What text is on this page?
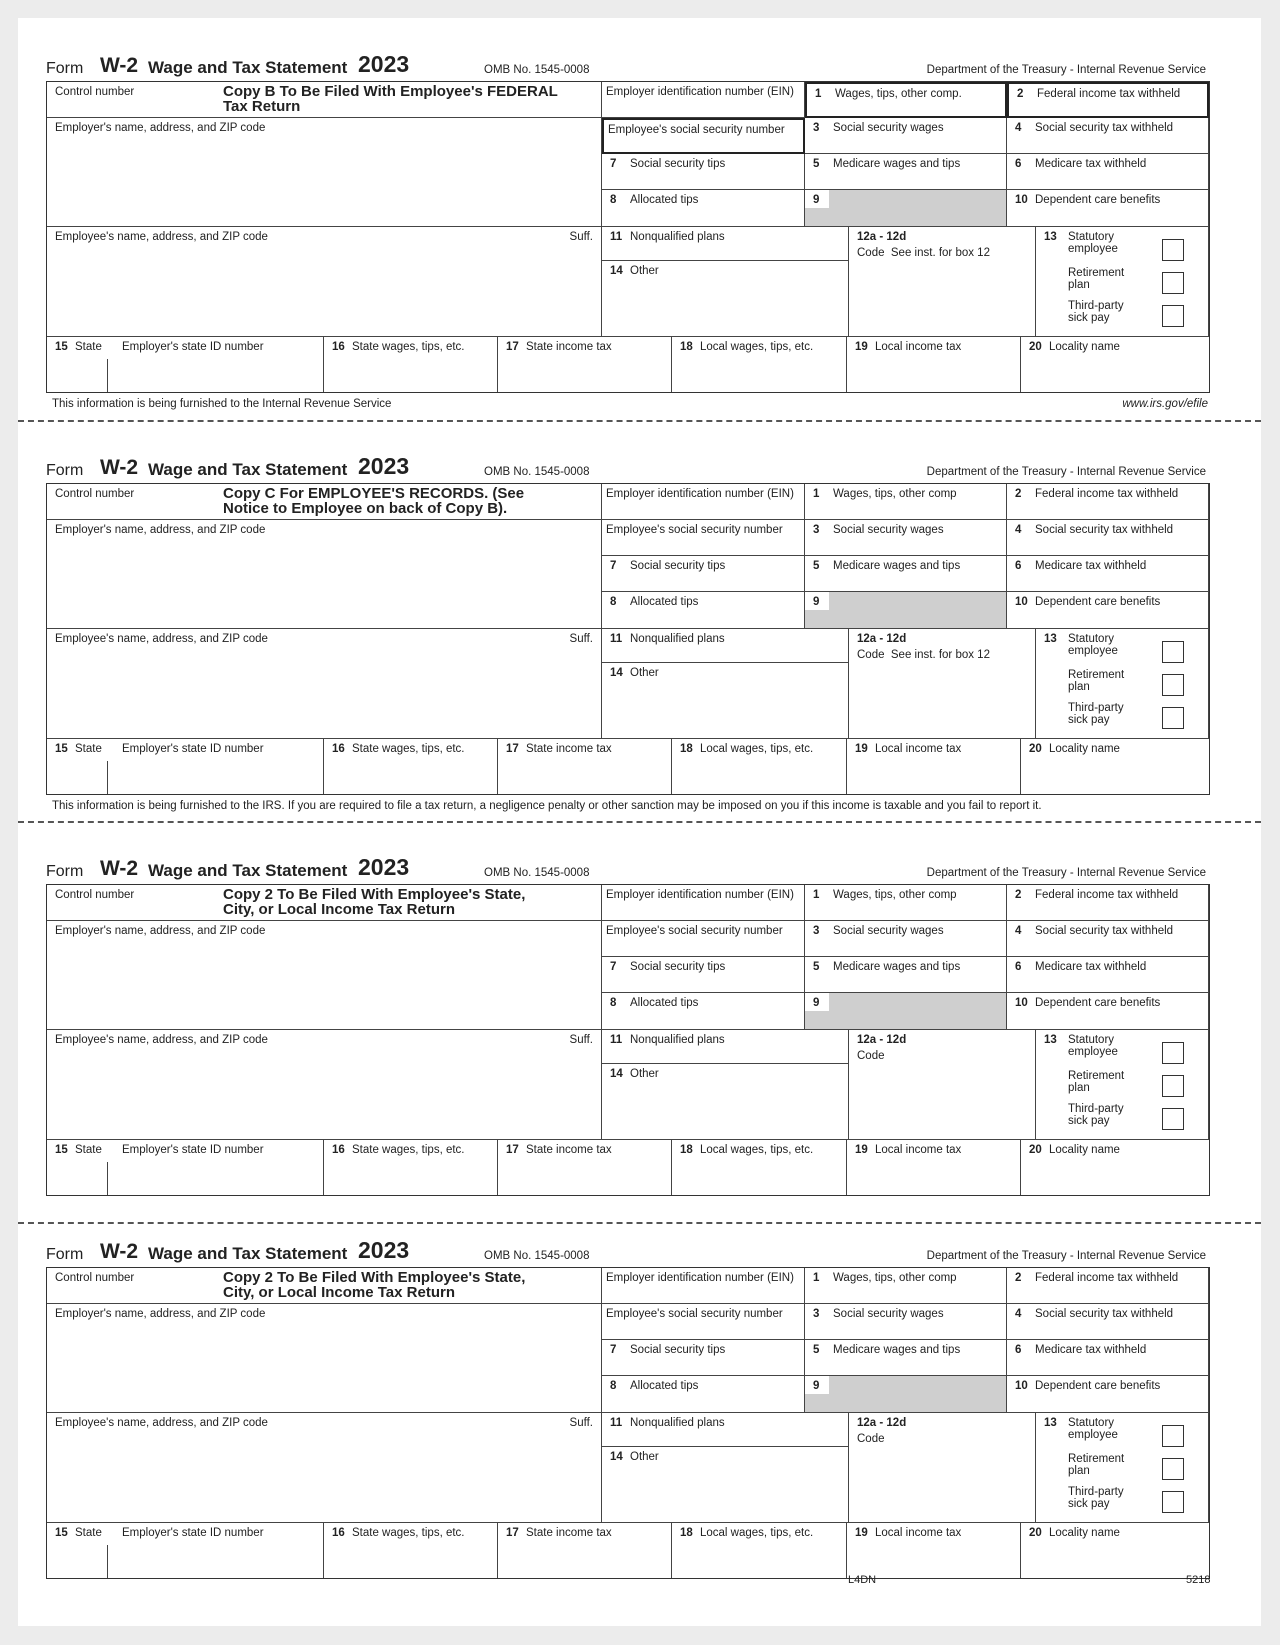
Form W-2 Wage and Tax Statement 2023	OMB No. 1545-0008	Department of the Treasury - Internal Revenue Service
Control number	Copy B To Be Filed With Employee's FEDERAL
Tax Return
Employer identification number (EIN) 1 Wages, tips, other comp.	2 Federal income tax withheld
Employer's name, address, and ZIP code	Employee's social security number 3 Social security wages	4 Social security tax withheld
7 Social security tips	5 Medicare wages and tips	6 Medicare tax withheld
8 Allocated tips	9	10 Dependent care benefits
Employee's name, address, and ZIP code	Suff. 11 Nonqualified plans
14 Other
12a - 12d
Code See inst. for box 12
13 Statutory employee
Retirement plan
Third-party sick pay
15 State Employer's state ID number	16 State wages, tips, etc.	17 State income tax	18 Local wages, tips, etc.	19 Local income tax	20 Locality name
This information is being furnished to the Internal Revenue Service	www.irs.gov/efile
Form W-2 Wage and Tax Statement 2023	OMB No. 1545-0008	Department of the Treasury - Internal Revenue Service
Control number	Copy C For EMPLOYEE'S RECORDS. (See
Notice to Employee on back of Copy B).
Employer identification number (EIN) 1 Wages, tips, other comp	2 Federal income tax withheld
Employer's name, address, and ZIP code	Employee's social security number	3 Social security wages	4 Social security tax withheld
7 Social security tips	5 Medicare wages and tips	6 Medicare tax withheld
8 Allocated tips	9	10 Dependent care benefits
Employee's name, address, and ZIP code	Suff. 11 Nonqualified plans
14 Other
12a - 12d
Code See inst. for box 12
13 Statutory employee
Retirement plan
Third-party sick pay
15 State Employer's state ID number	16 State wages, tips, etc.	17 State income tax	18 Local wages, tips, etc.	19 Local income tax	20 Locality name
This information is being furnished to the IRS. If you are required to file a tax return, a negligence penalty or other sanction may be imposed on you if this income is taxable and you fail to report it.
Form W-2 Wage and Tax Statement 2023	OMB No. 1545-0008	Department of the Treasury - Internal Revenue Service
Control number	Copy 2 To Be Filed With Employee's State,
City, or Local Income Tax Return
Employer identification number (EIN) 1 Wages, tips, other comp	2 Federal income tax withheld
Employer's name, address, and ZIP code	Employee's social security number	3 Social security wages	4 Social security tax withheld
7 Social security tips	5 Medicare wages and tips	6 Medicare tax withheld
8 Allocated tips	9	10 Dependent care benefits
Employee's name, address, and ZIP code	Suff. 11 Nonqualified plans
14 Other
12a - 12d
Code
13 Statutory employee
Retirement plan
Third-party sick pay
15 State Employer's state ID number	16 State wages, tips, etc.	17 State income tax	18 Local wages, tips, etc.	19 Local income tax	20 Locality name
Form W-2 Wage and Tax Statement 2023	OMB No. 1545-0008	Department of the Treasury - Internal Revenue Service
Control number	Copy 2 To Be Filed With Employee's State,
City, or Local Income Tax Return
Employer identification number (EIN) 1 Wages, tips, other comp	2 Federal income tax withheld
Employer's name, address, and ZIP code	Employee's social security number	3 Social security wages	4 Social security tax withheld
7 Social security tips	5 Medicare wages and tips	6 Medicare tax withheld
8 Allocated tips	9	10 Dependent care benefits
Employee's name, address, and ZIP code	Suff. 11 Nonqualified plans
14 Other
12a - 12d
Code
13 Statutory employee
Retirement plan
Third-party sick pay
15 State Employer's state ID number	16 State wages, tips, etc.	17 State income tax	18 Local wages, tips, etc.	19 Local income tax	20 Locality name
L4DN	5218
